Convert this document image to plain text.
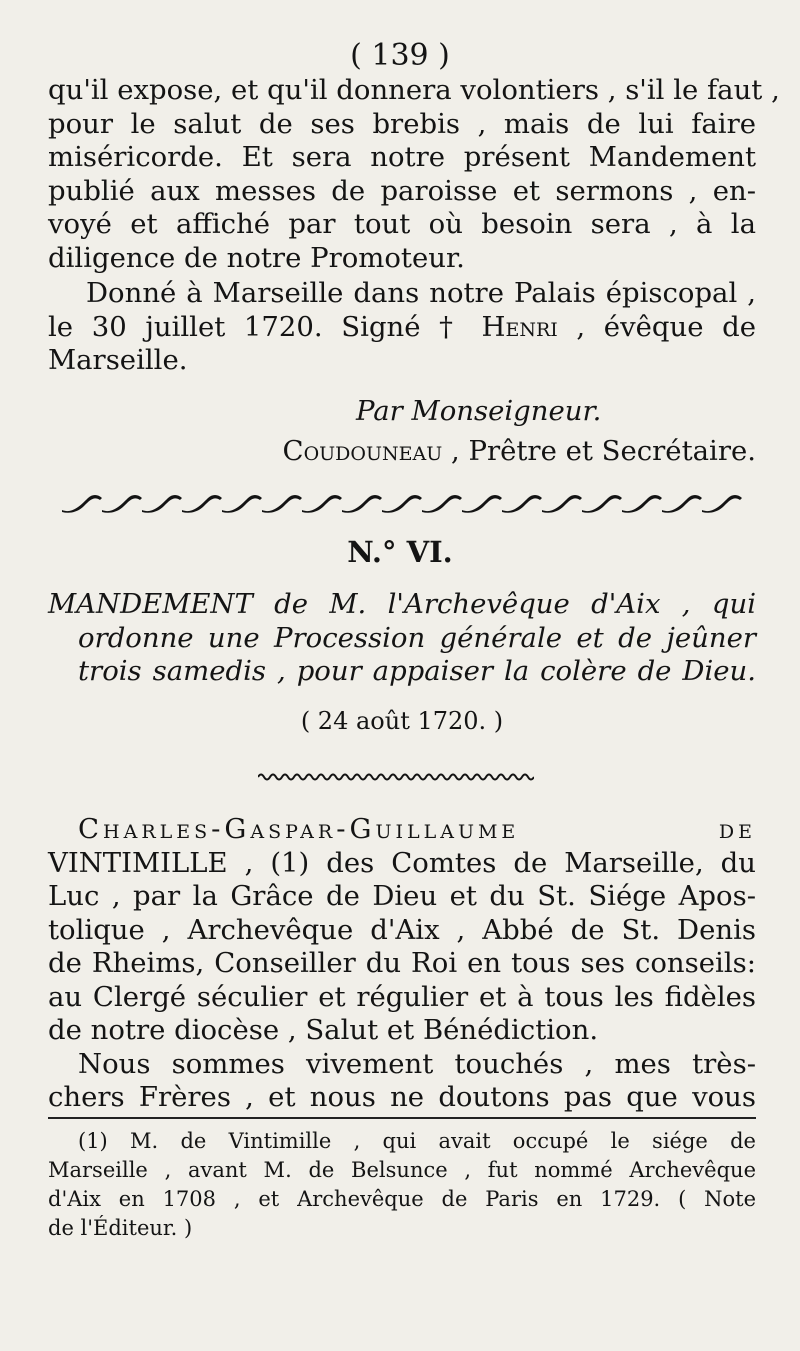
( 139 )
qu'il expose, et qu'il donnera volontiers , s'il le faut ,
pour le salut de ses brebis , mais de lui faire
miséricorde. Et sera notre présent Mandement
publié aux messes de paroisse et sermons , en-
voyé et affiché par tout où besoin sera , à la
diligence de notre Promoteur.
Donné à Marseille dans notre Palais épiscopal ,
le 30 juillet 1720. Signé † Henri , évêque de
Marseille.
Par Monseigneur.
Coudouneau , Prêtre et Secrétaire.
N.° VI.
MANDEMENT de M. l'Archevêque d'Aix , qui
ordonne une Procession générale et de jeûner
trois samedis , pour appaiser la colère de Dieu.
( 24 août 1720. )
Charles-Gaspar-Guillaume de
VINTIMILLE , (1) des Comtes de Marseille, du
Luc , par la Grâce de Dieu et du St. Siége Apos-
tolique , Archevêque d'Aix , Abbé de St. Denis
de Rheims, Conseiller du Roi en tous ses conseils:
au Clergé séculier et régulier et à tous les fidèles
de notre diocèse , Salut et Bénédiction.
Nous sommes vivement touchés , mes très-
chers Frères , et nous ne doutons pas que vous
(1) M. de Vintimille , qui avait occupé le siége de
Marseille , avant M. de Belsunce , fut nommé Archevêque
d'Aix en 1708 , et Archevêque de Paris en 1729. ( Note
de l'Éditeur. )
